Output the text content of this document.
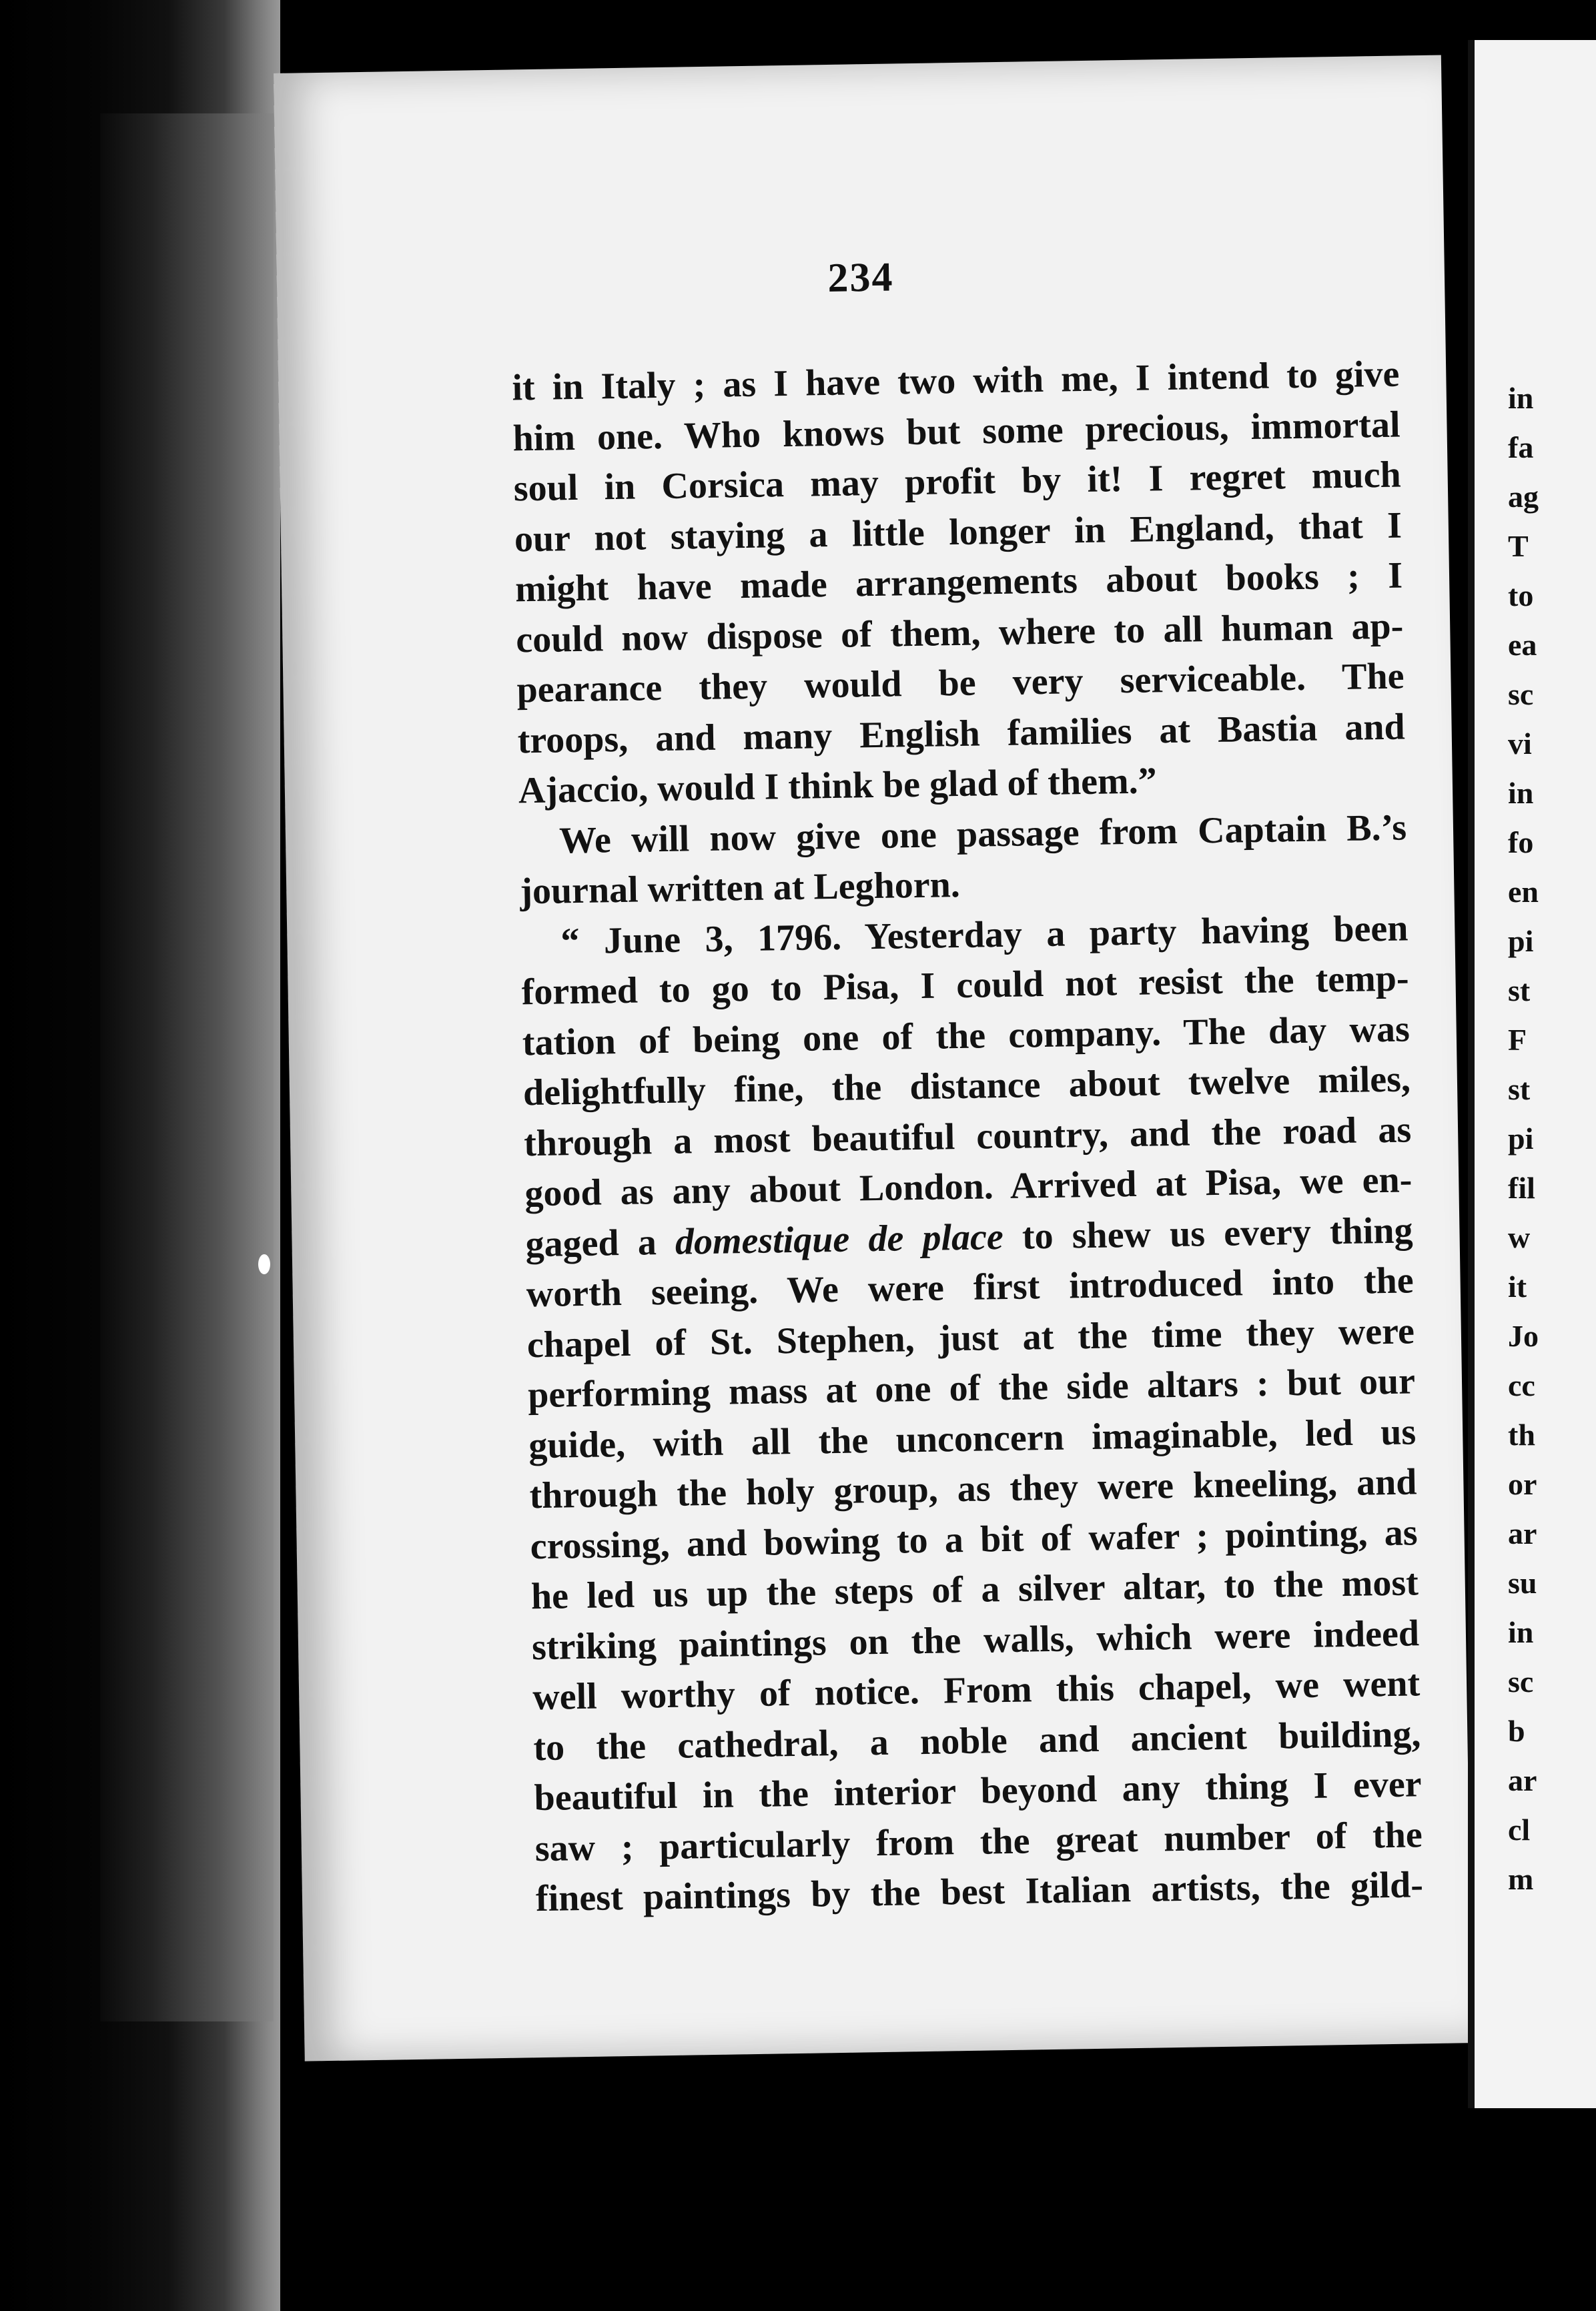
234
it in Italy ; as I have two with me, I intend to give
him one. Who knows but some precious, immortal
soul in Corsica may profit by it! I regret much
our not staying a little longer in England, that I
might have made arrangements about books ; I
could now dispose of them, where to all human ap-
pearance they would be very serviceable. The
troops, and many English families at Bastia and
Ajaccio, would I think be glad of them.”
We will now give one passage from Captain B.’s
journal written at Leghorn.
“ June 3, 1796. Yesterday a party having been
formed to go to Pisa, I could not resist the temp-
tation of being one of the company. The day was
delightfully fine, the distance about twelve miles,
through a most beautiful country, and the road as
good as any about London. Arrived at Pisa, we en-
gaged a domestique de place to shew us every thing
worth seeing. We were first introduced into the
chapel of St. Stephen, just at the time they were
performing mass at one of the side altars : but our
guide, with all the unconcern imaginable, led us
through the holy group, as they were kneeling, and
crossing, and bowing to a bit of wafer ; pointing, as
he led us up the steps of a silver altar, to the most
striking paintings on the walls, which were indeed
well worthy of notice. From this chapel, we went
to the cathedral, a noble and ancient building,
beautiful in the interior beyond any thing I ever
saw ; particularly from the great number of the
finest paintings by the best Italian artists, the gild-
in
fa
ag
T
to
ea
sc
vi
in
fo
en
pi
st
F
st
pi
fil
w
it
Jo
cc
th
or
ar
su
in
sc
b
ar
cl
m
